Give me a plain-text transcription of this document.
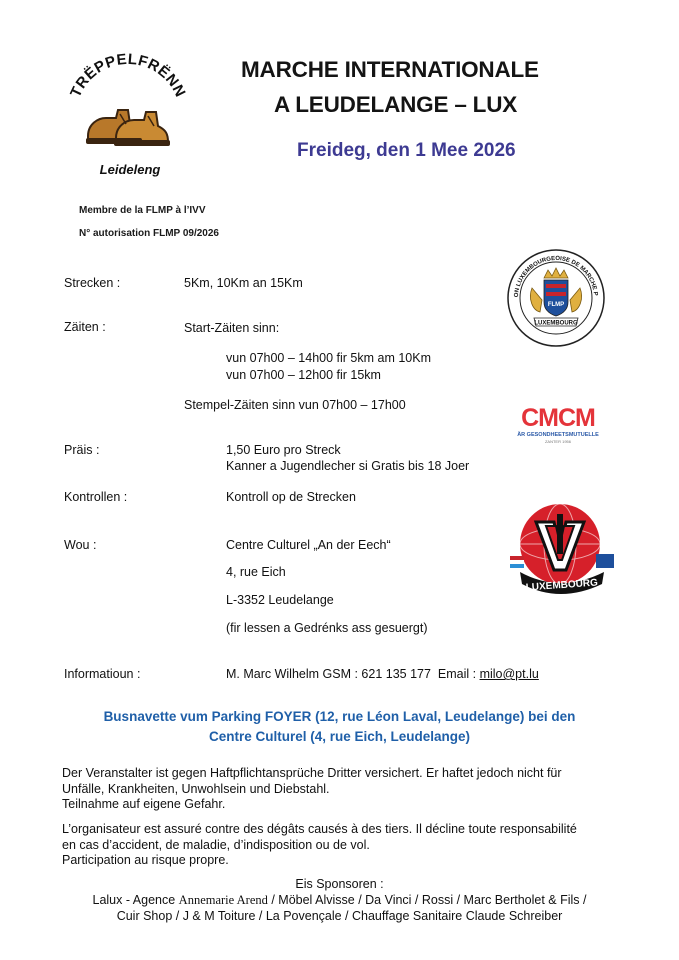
TRËPPELFRËNN
Leideleng
MARCHE INTERNATIONALE
A LEUDELANGE – LUX
Freideg, den 1 Mee 2026
Membre de la FLMP à l’IVV
N° autorisation FLMP 09/2026
Strecken :	5Km, 10Km an 15Km
Zäiten :	Start-Zäiten sinn:
vun 07h00 – 14h00 fir 5km am 10Km
vun 07h00 – 12h00 fir 15km
Stempel-Zäiten sinn vun 07h00 – 17h00
Präis :	1,50 Euro pro Streck
Kanner a Jugendlecher si Gratis bis 18 Joer
Kontrollen :	Kontroll op de Strecken
Wou :	Centre Culturel „An der Eech“
4, rue Eich
L-3352 Leudelange
(fir lessen a Gedrénks ass gesuergt)
Informatioun :	M. Marc Wilhelm GSM : 621 135 177  Email : milo@pt.lu
ON LUXEMBOURGEOISE DE MARCHE P
FLMP
LUXEMBOURG
CMCM
ÄR GESONDHEETSMUTUELLE
ZANTER 1956
LUXEMBOURG
Busnavette vum Parking FOYER (12, rue Léon Laval, Leudelange) bei den
Centre Culturel (4, rue Eich, Leudelange)
Der Veranstalter ist gegen Haftpflichtansprüche Dritter versichert. Er haftet jedoch nicht für
Unfälle, Krankheiten, Unwohlsein und Diebstahl.
Teilnahme auf eigene Gefahr.
L’organisateur est assuré contre des dégâts causés à des tiers. Il décline toute responsabilité
en cas d’accident, de maladie, d’indisposition ou de vol.
Participation au risque propre.
Eis Sponsoren :
Lalux - Agence Annemarie Arend / Möbel Alvisse / Da Vinci / Rossi / Marc Bertholet & Fils /
Cuir Shop / J & M Toiture / La Povençale / Chauffage Sanitaire Claude Schreiber
